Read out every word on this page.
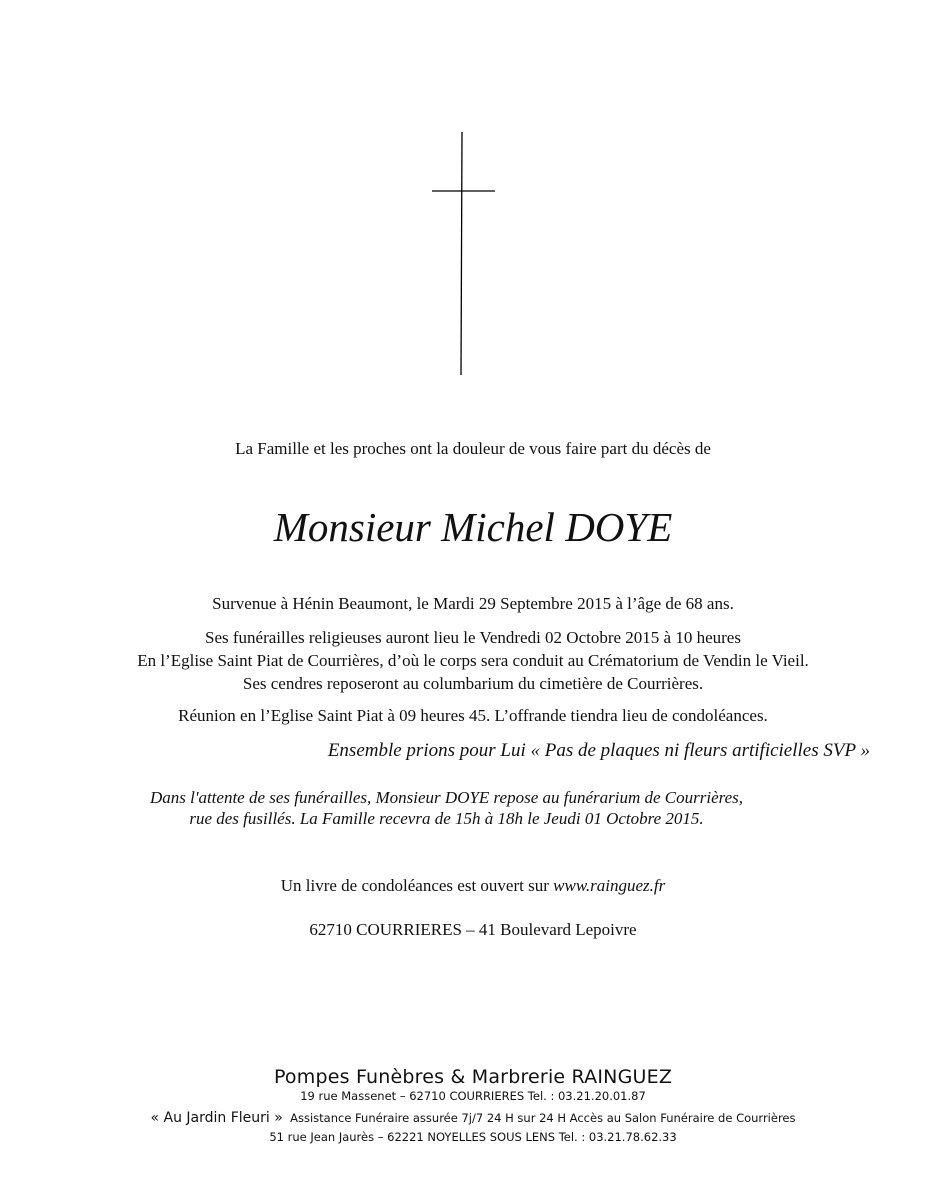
La Famille et les proches ont la douleur de vous faire part du décès de
Monsieur Michel DOYE
Survenue à Hénin Beaumont, le Mardi 29 Septembre 2015 à l’âge de 68 ans.
Ses funérailles religieuses auront lieu le Vendredi 02 Octobre 2015 à 10 heures
En l’Eglise Saint Piat de Courrières, d’où le corps sera conduit au Crématorium de Vendin le Vieil.
Ses cendres reposeront au columbarium du cimetière de Courrières.
Réunion en l’Eglise Saint Piat à 09 heures 45. L’offrande tiendra lieu de condoléances.
Ensemble prions pour Lui « Pas de plaques ni fleurs artificielles SVP »
Dans l'attente de ses funérailles, Monsieur DOYE repose au funérarium de Courrières,
rue des fusillés. La Famille recevra de 15h à 18h le Jeudi 01 Octobre 2015.
Un livre de condoléances est ouvert sur www.rainguez.fr
62710 COURRIERES – 41 Boulevard Lepoivre
Pompes Funèbres & Marbrerie RAINGUEZ
19 rue Massenet – 62710 COURRIERES Tel. : 03.21.20.01.87
« Au Jardin Fleuri » Assistance Funéraire assurée 7j/7 24 H sur 24 H Accès au Salon Funéraire de Courrières
51 rue Jean Jaurès – 62221 NOYELLES SOUS LENS Tel. : 03.21.78.62.33
